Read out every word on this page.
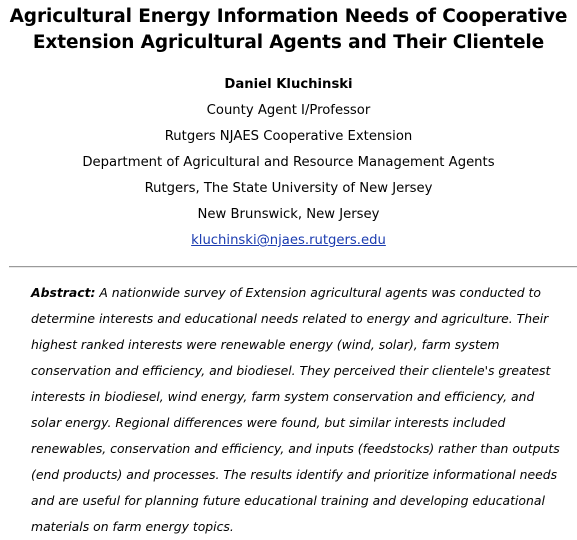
Agricultural Energy Information Needs of Cooperative
Extension Agricultural Agents and Their Clientele
Daniel Kluchinski
County Agent I/Professor
Rutgers NJAES Cooperative Extension
Department of Agricultural and Resource Management Agents
Rutgers, The State University of New Jersey
New Brunswick, New Jersey
kluchinski@njaes.rutgers.edu

Abstract: A nationwide survey of Extension agricultural agents was conducted to
determine interests and educational needs related to energy and agriculture. Their
highest ranked interests were renewable energy (wind, solar), farm system
conservation and efficiency, and biodiesel. They perceived their clientele's greatest
interests in biodiesel, wind energy, farm system conservation and efficiency, and
solar energy. Regional differences were found, but similar interests included
renewables, conservation and efficiency, and inputs (feedstocks) rather than outputs
(end products) and processes. The results identify and prioritize informational needs
and are useful for planning future educational training and developing educational
materials on farm energy topics.
